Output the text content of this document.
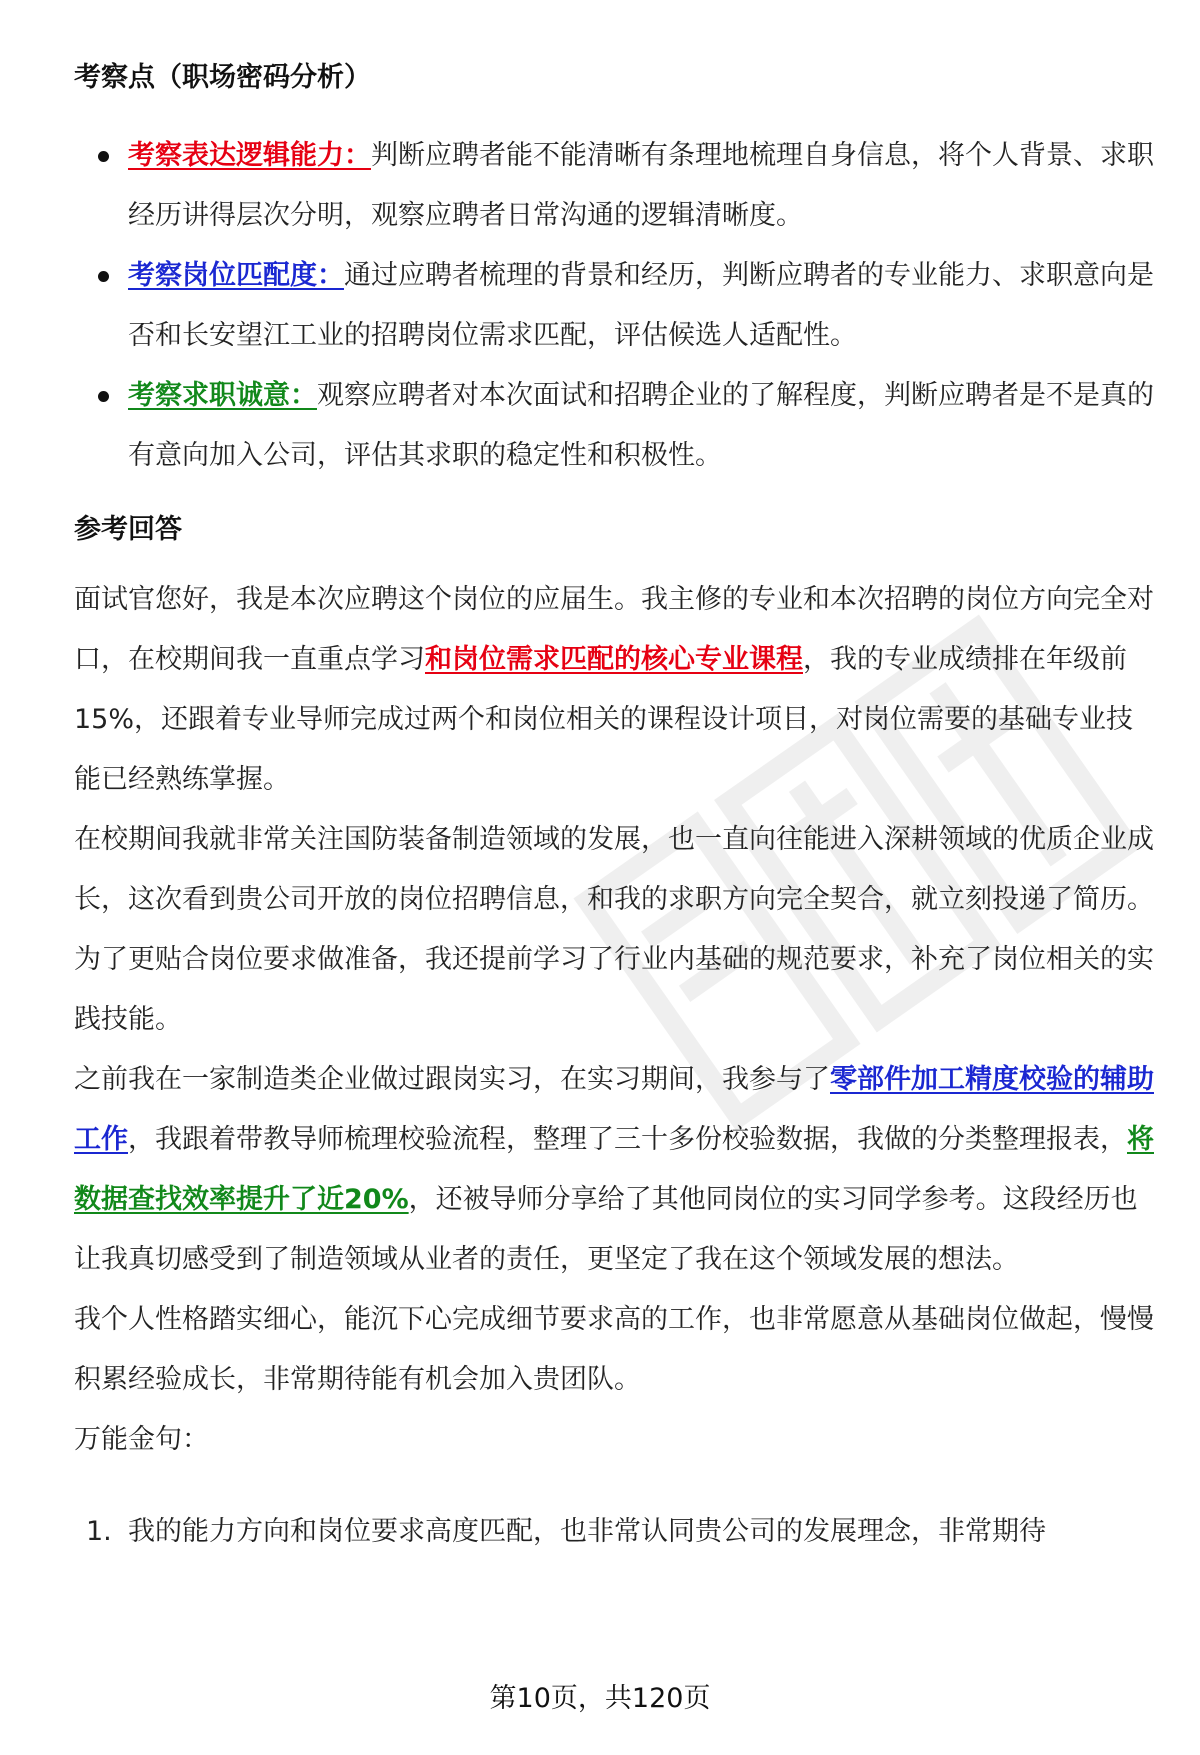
考察点（职场密码分析）
考察表达逻辑能力：判断应聘者能不能清晰有条理地梳理自身信息，将个人背景、求职经历讲得层次分明，观察应聘者日常沟通的逻辑清晰度。
考察岗位匹配度：通过应聘者梳理的背景和经历，判断应聘者的专业能力、求职意向是否和长安望江工业的招聘岗位需求匹配，评估候选人适配性。
考察求职诚意：观察应聘者对本次面试和招聘企业的了解程度，判断应聘者是不是真的有意向加入公司，评估其求职的稳定性和积极性。
参考回答

面试官您好，我是本次应聘这个岗位的应届生。我主修的专业和本次招聘的岗位方向完全对口，在校期间我一直重点学习和岗位需求匹配的核心专业课程，我的专业成绩排在年级前15%，还跟着专业导师完成过两个和岗位相关的课程设计项目，对岗位需要的基础专业技能已经熟练掌握。

在校期间我就非常关注国防装备制造领域的发展，也一直向往能进入深耕领域的优质企业成长，这次看到贵公司开放的岗位招聘信息，和我的求职方向完全契合，就立刻投递了简历。为了更贴合岗位要求做准备，我还提前学习了行业内基础的规范要求，补充了岗位相关的实践技能。

之前我在一家制造类企业做过跟岗实习，在实习期间，我参与了零部件加工精度校验的辅助工作，我跟着带教导师梳理校验流程，整理了三十多份校验数据，我做的分类整理报表，将数据查找效率提升了近20%，还被导师分享给了其他同岗位的实习同学参考。这段经历也让我真切感受到了制造领域从业者的责任，更坚定了我在这个领域发展的想法。

我个人性格踏实细心，能沉下心完成细节要求高的工作，也非常愿意从基础岗位做起，慢慢积累经验成长，非常期待能有机会加入贵团队。

万能金句：

1. 我的能力方向和岗位要求高度匹配，也非常认同贵公司的发展理念，非常期待
第10页，共120页
